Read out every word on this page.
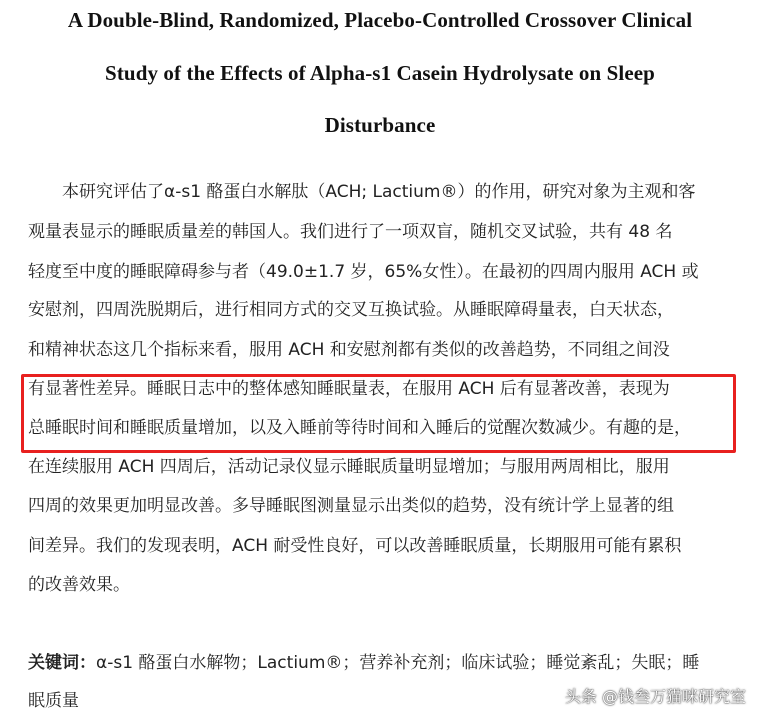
A Double-Blind, Randomized, Placebo-Controlled Crossover Clinical
Study of the Effects of Alpha-s1 Casein Hydrolysate on Sleep
Disturbance
本研究评估了α-s1 酪蛋白水解肽（ACH; Lactium®）的作用，研究对象为主观和客
观量表显示的睡眠质量差的韩国人。我们进行了一项双盲，随机交叉试验，共有 48 名
轻度至中度的睡眠障碍参与者（49.0±1.7 岁，65%女性）。在最初的四周内服用 ACH 或
安慰剂，四周洗脱期后，进行相同方式的交叉互换试验。从睡眠障碍量表，白天状态，
和精神状态这几个指标来看，服用 ACH 和安慰剂都有类似的改善趋势，不同组之间没
有显著性差异。睡眠日志中的整体感知睡眠量表，在服用 ACH 后有显著改善，表现为
总睡眠时间和睡眠质量增加，以及入睡前等待时间和入睡后的觉醒次数减少。有趣的是，
在连续服用 ACH 四周后，活动记录仪显示睡眠质量明显增加；与服用两周相比，服用
四周的效果更加明显改善。多导睡眠图测量显示出类似的趋势，没有统计学上显著的组
间差异。我们的发现表明，ACH 耐受性良好，可以改善睡眠质量，长期服用可能有累积
的改善效果。
关键词：α-s1 酪蛋白水解物；Lactium®；营养补充剂；临床试验；睡觉紊乱；失眠；睡
眠质量	头条 @钱叁万猫咪研究室
